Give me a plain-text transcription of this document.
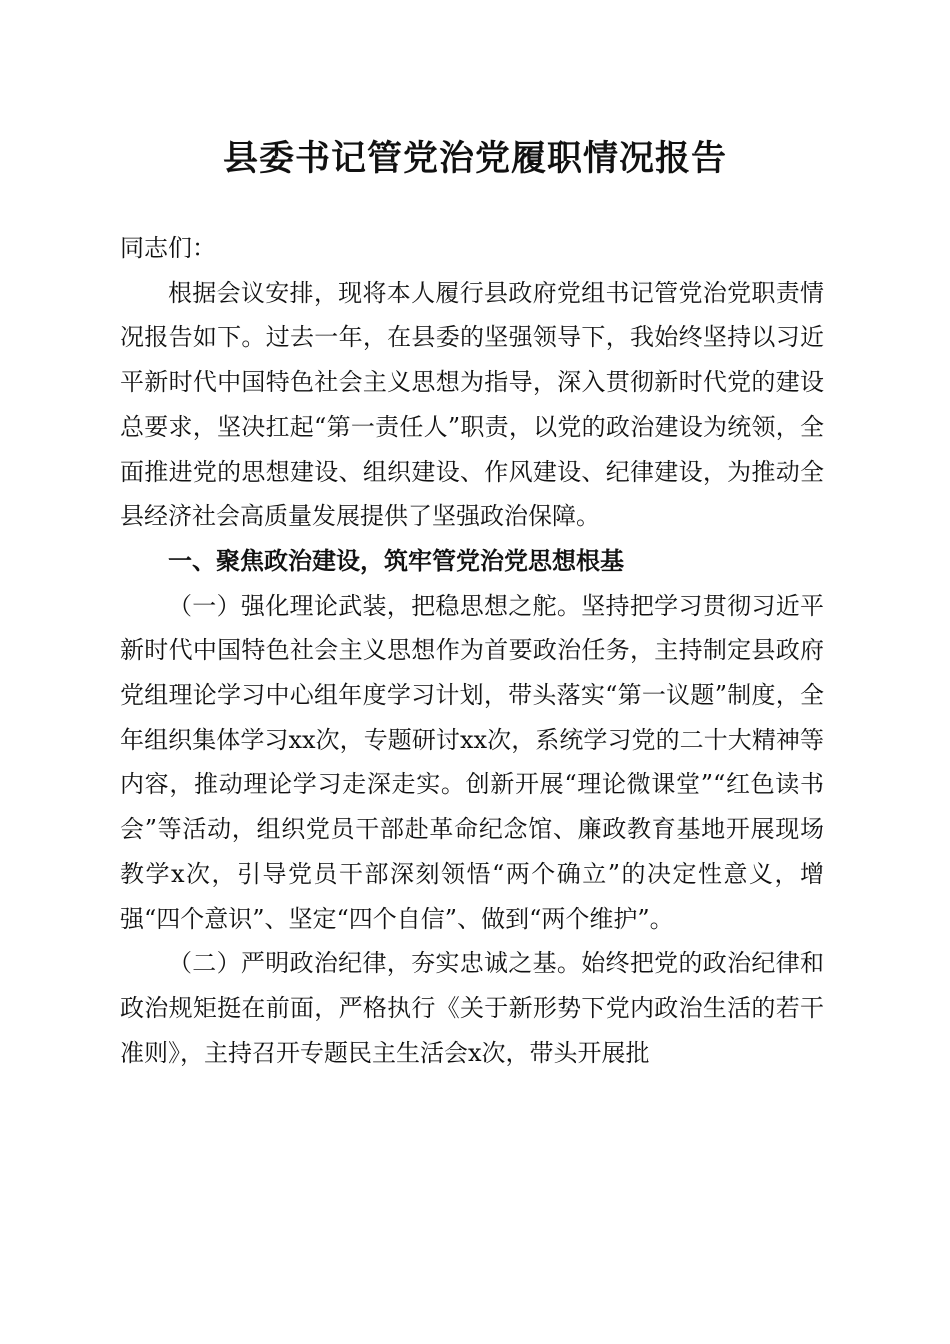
县委书记管党治党履职情况报告

同志们：

根据会议安排，现将本人履行县政府党组书记管党治党职责情况报告如下。过去一年，在县委的坚强领导下，我始终坚持以习近平新时代中国特色社会主义思想为指导，深入贯彻新时代党的建设总要求，坚决扛起“第一责任人”职责，以党的政治建设为统领，全面推进党的思想建设、组织建设、作风建设、纪律建设，为推动全县经济社会高质量发展提供了坚强政治保障。

一、聚焦政治建设，筑牢管党治党思想根基

（一）强化理论武装，把稳思想之舵。坚持把学习贯彻习近平新时代中国特色社会主义思想作为首要政治任务，主持制定县政府党组理论学习中心组年度学习计划，带头落实“第一议题”制度，全年组织集体学习xx次，专题研讨xx次，系统学习党的二十大精神等内容，推动理论学习走深走实。创新开展“理论微课堂”“红色读书会”等活动，组织党员干部赴革命纪念馆、廉政教育基地开展现场教学x次，引导党员干部深刻领悟“两个确立”的决定性意义，增强“四个意识”、坚定“四个自信”、做到“两个维护”。

（二）严明政治纪律，夯实忠诚之基。始终把党的政治纪律和政治规矩挺在前面，严格执行《关于新形势下党内政治生活的若干准则》，主持召开专题民主生活会x次，带头开展批
